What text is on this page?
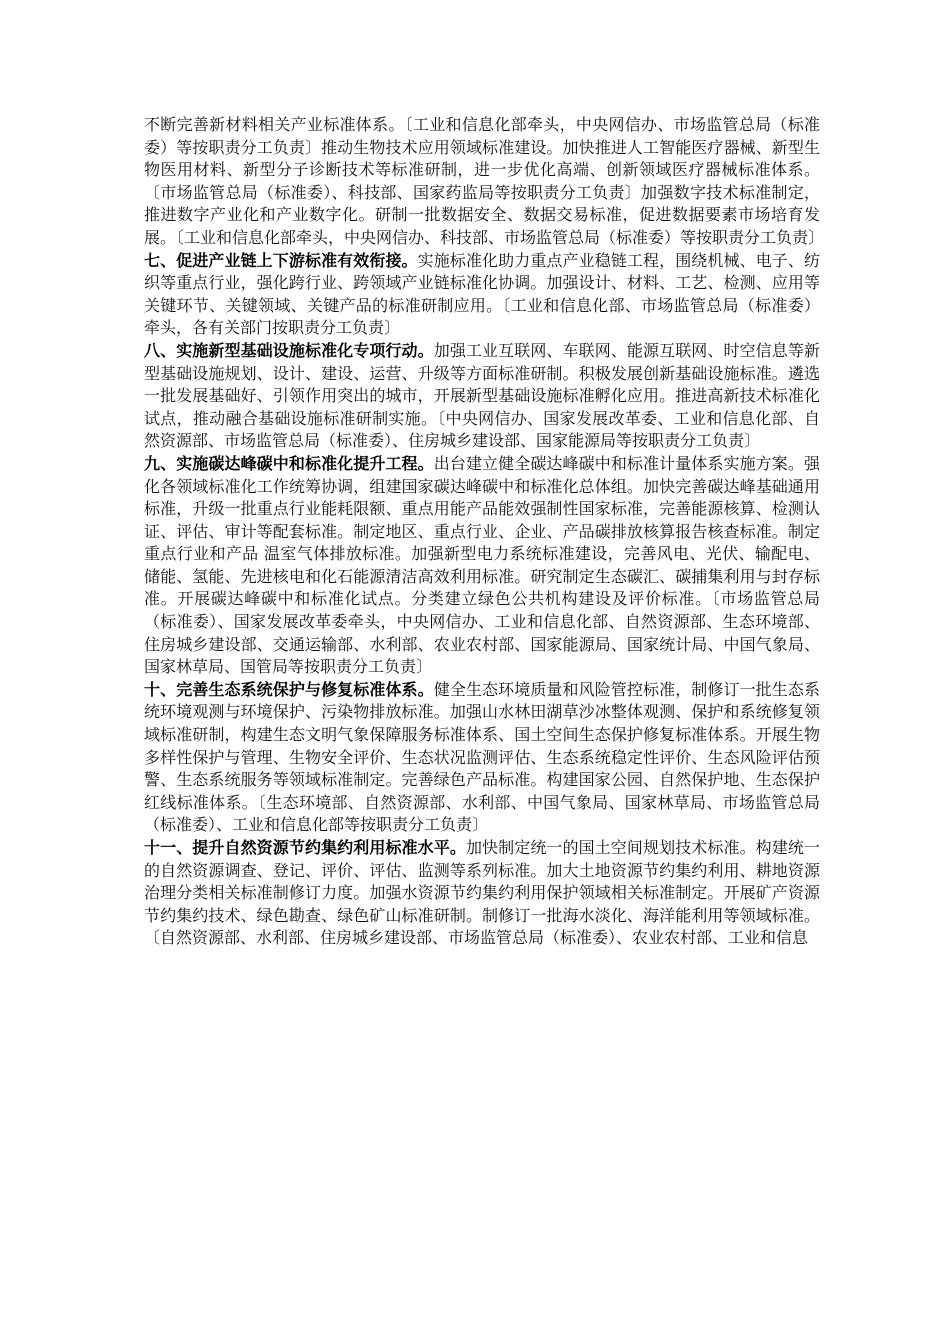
不断完善新材料相关产业标准体系。〔工业和信息化部牵头，中央网信办、市场监管总局（标准委）等按职责分工负责〕推动生物技术应用领域标准建设。加快推进人工智能医疗器械、新型生物医用材料、新型分子诊断技术等标准研制，进一步优化高端、创新领域医疗器械标准体系。〔市场监管总局（标准委）、科技部、国家药监局等按职责分工负责〕加强数字技术标准制定，推进数字产业化和产业数字化。研制一批数据安全、数据交易标准，促进数据要素市场培育发展。〔工业和信息化部牵头，中央网信办、科技部、市场监管总局（标准委）等按职责分工负责〕

七、促进产业链上下游标准有效衔接。实施标准化助力重点产业稳链工程，围绕机械、电子、纺织等重点行业，强化跨行业、跨领域产业链标准化协调。加强设计、材料、工艺、检测、应用等关键环节、关键领域、关键产品的标准研制应用。〔工业和信息化部、市场监管总局（标准委）牵头，各有关部门按职责分工负责〕

八、实施新型基础设施标准化专项行动。加强工业互联网、车联网、能源互联网、时空信息等新型基础设施规划、设计、建设、运营、升级等方面标准研制。积极发展创新基础设施标准。遴选一批发展基础好、引领作用突出的城市，开展新型基础设施标准孵化应用。推进高新技术标准化试点，推动融合基础设施标准研制实施。〔中央网信办、国家发展改革委、工业和信息化部、自然资源部、市场监管总局（标准委）、住房城乡建设部、国家能源局等按职责分工负责〕

九、实施碳达峰碳中和标准化提升工程。出台建立健全碳达峰碳中和标准计量体系实施方案。强化各领域标准化工作统筹协调，组建国家碳达峰碳中和标准化总体组。加快完善碳达峰基础通用标准，升级一批重点行业能耗限额、重点用能产品能效强制性国家标准，完善能源核算、检测认证、评估、审计等配套标准。制定地区、重点行业、企业、产品碳排放核算报告核查标准。制定重点行业和产品 温室气体排放标准。加强新型电力系统标准建设，完善风电、光伏、输配电、储能、氢能、先进核电和化石能源清洁高效利用标准。研究制定生态碳汇、碳捕集利用与封存标准。开展碳达峰碳中和标准化试点。分类建立绿色公共机构建设及评价标准。〔市场监管总局（标准委）、国家发展改革委牵头，中央网信办、工业和信息化部、自然资源部、生态环境部、住房城乡建设部、交通运输部、水利部、农业农村部、国家能源局、国家统计局、中国气象局、国家林草局、国管局等按职责分工负责〕

十、完善生态系统保护与修复标准体系。健全生态环境质量和风险管控标准，制修订一批生态系统环境观测与环境保护、污染物排放标准。加强山水林田湖草沙冰整体观测、保护和系统修复领域标准研制，构建生态文明气象保障服务标准体系、国土空间生态保护修复标准体系。开展生物多样性保护与管理、生物安全评价、生态状况监测评估、生态系统稳定性评价、生态风险评估预警、生态系统服务等领域标准制定。完善绿色产品标准。构建国家公园、自然保护地、生态保护红线标准体系。〔生态环境部、自然资源部、水利部、中国气象局、国家林草局、市场监管总局（标准委）、工业和信息化部等按职责分工负责〕

十一、提升自然资源节约集约利用标准水平。加快制定统一的国土空间规划技术标准。构建统一的自然资源调查、登记、评价、评估、监测等系列标准。加大土地资源节约集约利用、耕地资源治理分类相关标准制修订力度。加强水资源节约集约利用保护领域相关标准制定。开展矿产资源节约集约技术、绿色勘查、绿色矿山标准研制。制修订一批海水淡化、海洋能利用等领域标准。〔自然资源部、水利部、住房城乡建设部、市场监管总局（标准委）、农业农村部、工业和信息
